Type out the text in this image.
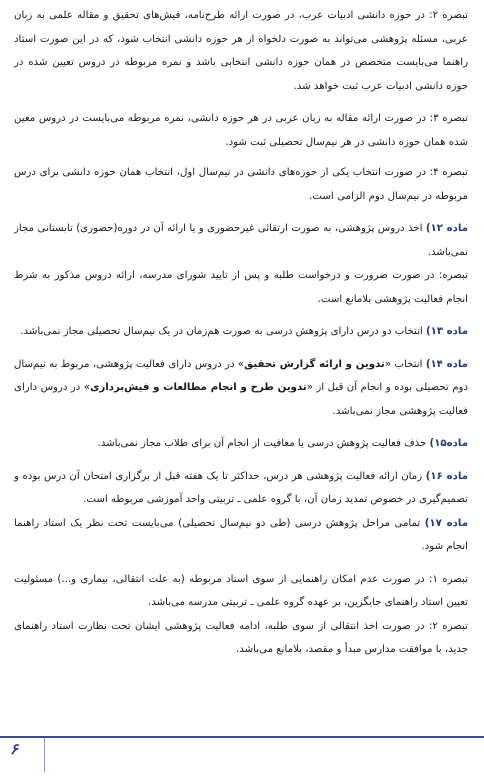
تبصره ۲: در حوزه دانشی ادبیات عرب، در صورت ارائه طرح‌نامه، فیش‌های تحقیق و مقاله علمی به زبان عربی، مسئله پژوهشی می‌تواند به صورت دلخواه از هر حوزه دانشی انتخاب شود، که در این صورت استاد راهنما می‌بایست متخصص در همان حوزه دانشی انتخابی باشد و نمره مربوطه در دروس تعیین شده در حوزه دانشی ادبیات عرب ثبت خواهد شد.

تبصره ۳: در صورت ارائه مقاله به زبان عربی در هر حوزه دانشی، نمره مربوطه می‌بایست در دروس معین شده همان حوزه دانشی در هر نیم‌سال تحصیلی ثبت شود.

تبصره ۴: در صورت انتخاب یکی از حوزه‌های دانشی در نیم‌سال اول، انتخاب همان حوزه دانشی برای درس مربوطه در نیم‌سال دوم الزامی است.

ماده ۱۲) اخذ دروس پژوهشی، به صورت ارتقائی غیرحضوری و یا ارائه آن در دوره(حضوری) تابستانی مجاز نمی‌باشد.

تبصره: در صورت ضرورت و درخواست طلبه و پس از تایید شورای مدرسه، ارائه دروس مذکور به شرط انجام فعالیت پژوهشی بلامانع است.

ماده ۱۳) انتخاب دو درس دارای پژوهش درسی به صورت هم‌زمان در یک نیم‌سال تحصیلی مجاز نمی‌باشد.

ماده ۱۴) انتخاب «تدوین و ارائه گزارش تحقیق» در دروس دارای فعالیت پژوهشی، مربوط به نیم‌سال دوم تحصیلی بوده و انجام آن قبل از «تدوین طرح و انجام مطالعات و فیش‌برداری» در دروس دارای فعالیت پژوهشی مجاز نمی‌باشد.

ماده۱۵) حذف فعالیت پژوهش درسی یا معافیت از انجام آن برای طلاب مجاز نمی‌باشد.

ماده ۱۶) زمان ارائه فعالیت پژوهشی هر درس، حداکثر تا یک هفته قبل از برگزاری امتحان آن درس بوده و تصمیم‌گیری در خصوص تمدید زمان آن، با گروه علمی ـ تربیتی واحد آموزشی مربوطه است.

ماده ۱۷) تمامی مراحل پژوهش درسی (طی دو نیم‌سال تحصیلی) می‌بایست تحت نظر یک استاد راهنما انجام شود.

تبصره ۱: در صورت عدم امکان راهنمایی از سوی استاد مربوطه (به علت انتقالی، بیماری و...) مسئولیت تعیین استاد راهنمای جایگزین، بر عهده گروه علمی ـ تربیتی مدرسه می‌باشد.

تبصره ۲: در صورت اخذ انتقالی از سوی طلبه، ادامه فعالیت پژوهشی ایشان تحت نظارت استاد راهنمای جدید، با موافقت مدارس مبدأ و مقصد، بلامانع می‌باشد.

۶
